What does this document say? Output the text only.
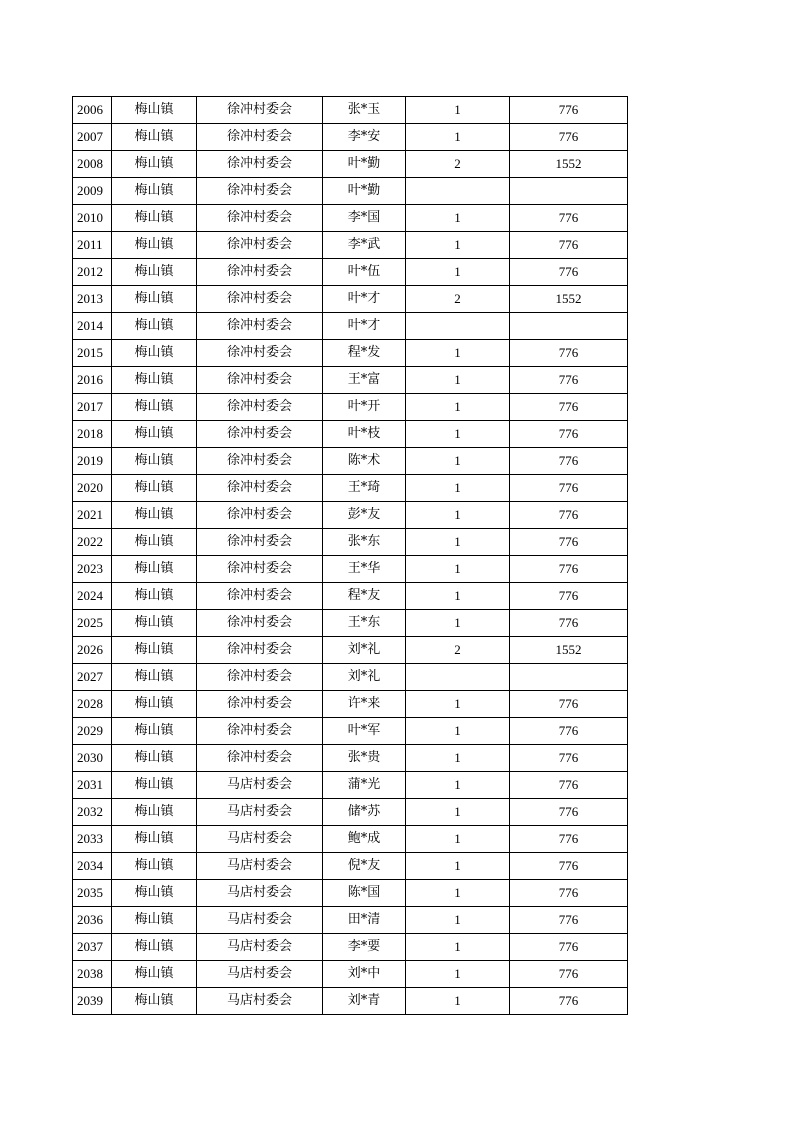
2006	梅山镇	徐冲村委会	张*玉	1	776
2007	梅山镇	徐冲村委会	李*安	1	776
2008	梅山镇	徐冲村委会	叶*勤	2	1552
2009	梅山镇	徐冲村委会	叶*勤		
2010	梅山镇	徐冲村委会	李*国	1	776
2011	梅山镇	徐冲村委会	李*武	1	776
2012	梅山镇	徐冲村委会	叶*伍	1	776
2013	梅山镇	徐冲村委会	叶*才	2	1552
2014	梅山镇	徐冲村委会	叶*才		
2015	梅山镇	徐冲村委会	程*发	1	776
2016	梅山镇	徐冲村委会	王*富	1	776
2017	梅山镇	徐冲村委会	叶*开	1	776
2018	梅山镇	徐冲村委会	叶*枝	1	776
2019	梅山镇	徐冲村委会	陈*术	1	776
2020	梅山镇	徐冲村委会	王*琦	1	776
2021	梅山镇	徐冲村委会	彭*友	1	776
2022	梅山镇	徐冲村委会	张*东	1	776
2023	梅山镇	徐冲村委会	王*华	1	776
2024	梅山镇	徐冲村委会	程*友	1	776
2025	梅山镇	徐冲村委会	王*东	1	776
2026	梅山镇	徐冲村委会	刘*礼	2	1552
2027	梅山镇	徐冲村委会	刘*礼		
2028	梅山镇	徐冲村委会	许*来	1	776
2029	梅山镇	徐冲村委会	叶*军	1	776
2030	梅山镇	徐冲村委会	张*贵	1	776
2031	梅山镇	马店村委会	蒲*光	1	776
2032	梅山镇	马店村委会	储*苏	1	776
2033	梅山镇	马店村委会	鲍*成	1	776
2034	梅山镇	马店村委会	倪*友	1	776
2035	梅山镇	马店村委会	陈*国	1	776
2036	梅山镇	马店村委会	田*清	1	776
2037	梅山镇	马店村委会	李*要	1	776
2038	梅山镇	马店村委会	刘*中	1	776
2039	梅山镇	马店村委会	刘*青	1	776
